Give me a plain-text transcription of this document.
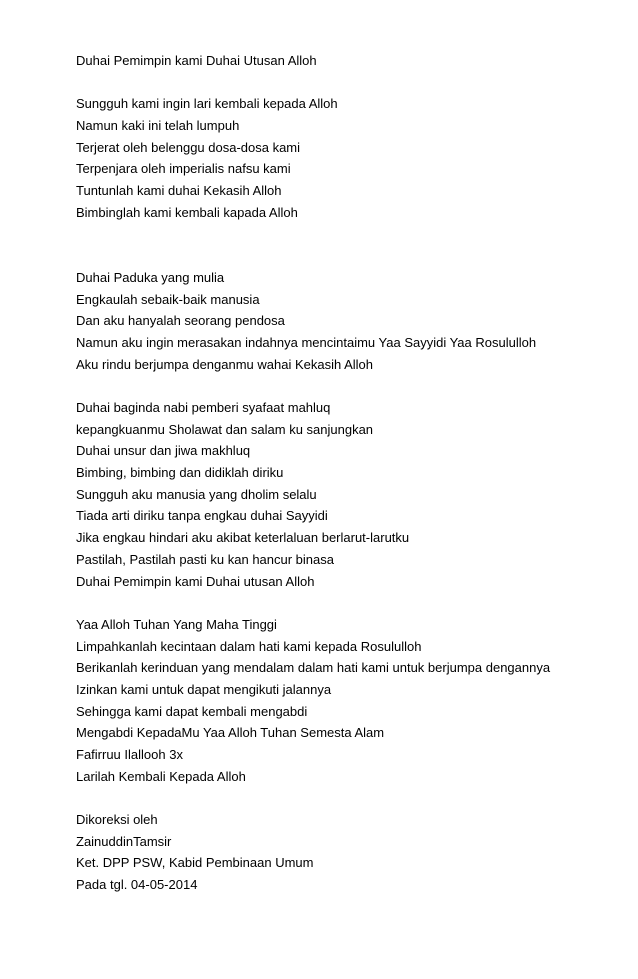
Duhai Pemimpin kami Duhai Utusan Alloh
Sungguh kami ingin lari kembali kepada Alloh
Namun kaki ini telah lumpuh
Terjerat oleh belenggu dosa-dosa kami
Terpenjara oleh imperialis nafsu kami
Tuntunlah kami duhai Kekasih Alloh
Bimbinglah kami kembali kapada Alloh
Duhai Paduka yang mulia
Engkaulah sebaik-baik manusia
Dan aku hanyalah seorang pendosa
Namun aku ingin merasakan indahnya mencintaimu Yaa Sayyidi Yaa Rosululloh
Aku rindu berjumpa denganmu wahai Kekasih Alloh
Duhai baginda nabi pemberi syafaat mahluq
kepangkuanmu Sholawat dan salam ku sanjungkan
Duhai unsur dan jiwa makhluq
Bimbing, bimbing dan didiklah diriku
Sungguh aku manusia yang dholim selalu
Tiada arti diriku tanpa engkau duhai Sayyidi
Jika engkau hindari aku akibat keterlaluan berlarut-larutku
Pastilah, Pastilah pasti ku kan hancur binasa
Duhai Pemimpin kami Duhai utusan Alloh
Yaa Alloh Tuhan Yang Maha Tinggi
Limpahkanlah kecintaan dalam hati kami kepada Rosululloh
Berikanlah kerinduan yang mendalam dalam hati kami untuk berjumpa dengannya
Izinkan kami untuk dapat mengikuti jalannya
Sehingga kami dapat kembali mengabdi
Mengabdi KepadaMu Yaa Alloh Tuhan Semesta Alam
Fafirruu Ilallooh 3x
Larilah Kembali Kepada Alloh
Dikoreksi oleh
ZainuddinTamsir
Ket. DPP PSW, Kabid Pembinaan Umum
Pada tgl. 04-05-2014
